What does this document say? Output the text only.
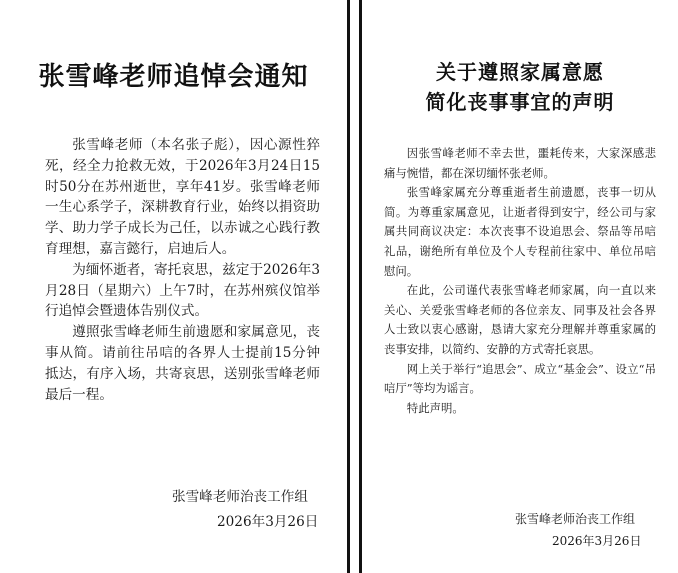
张雪峰老师追悼会通知

张雪峰老师（本名张子彪），因心源性猝死，经全力抢救无效，于2026年3月24日15时50分在苏州逝世，享年41岁。张雪峰老师一生心系学子，深耕教育行业，始终以捐资助学、助力学子成长为己任，以赤诚之心践行教育理想，嘉言懿行，启迪后人。

为缅怀逝者，寄托哀思，兹定于2026年3月28日（星期六）上午7时，在苏州殡仪馆举行追悼会暨遗体告别仪式。

遵照张雪峰老师生前遗愿和家属意见，丧事从简。请前往吊唁的各界人士提前15分钟抵达，有序入场，共寄哀思，送别张雪峰老师最后一程。

张雪峰老师治丧工作组

2026年3月26日

关于遵照家属意愿
简化丧事事宜的声明

因张雪峰老师不幸去世，噩耗传来，大家深感悲痛与惋惜，都在深切缅怀张老师。

张雪峰家属充分尊重逝者生前遗愿，丧事一切从简。为尊重家属意见，让逝者得到安宁，经公司与家属共同商议决定：本次丧事不设追思会、祭品等吊唁礼品，谢绝所有单位及个人专程前往家中、单位吊唁慰问。

在此，公司谨代表张雪峰老师家属，向一直以来关心、关爱张雪峰老师的各位亲友、同事及社会各界人士致以衷心感谢，恳请大家充分理解并尊重家属的丧事安排，以简约、安静的方式寄托哀思。

网上关于举行“追思会”、成立“基金会”、设立“吊唁厅”等均为谣言。

特此声明。

张雪峰老师治丧工作组

2026年3月26日
